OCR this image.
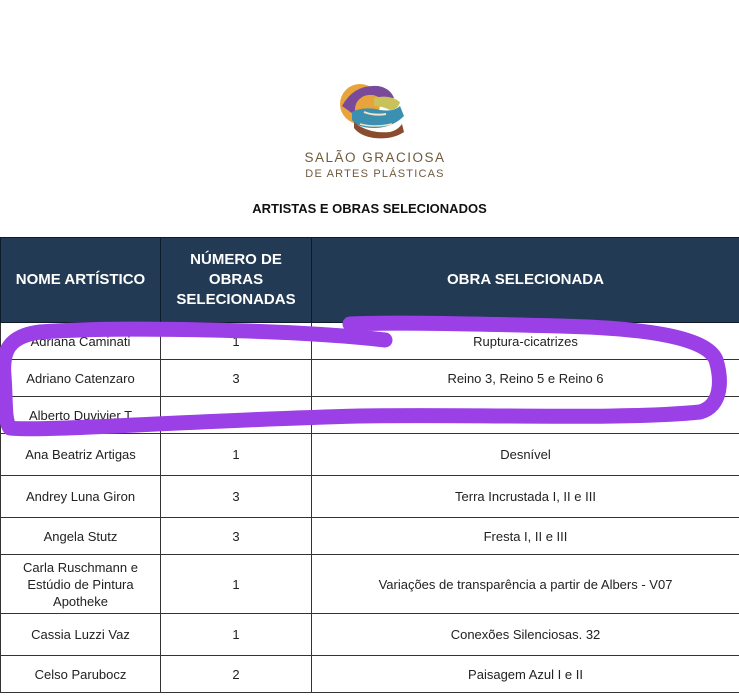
SALÃO GRACIOSA
DE ARTES PLÁSTICAS
ARTISTAS E OBRAS SELECIONADOS
NOME ARTÍSTICO	NÚMERO DE OBRAS SELECIONADAS	OBRA SELECIONADA
Adriana Caminati	1	Ruptura-cicatrizes
Adriano Catenzaro	3	Reino 3, Reino 5 e Reino 6
Alberto Duvivier T		
Ana Beatriz Artigas	1	Desnível
Andrey Luna Giron	3	Terra Incrustada I, II e III
Angela Stutz	3	Fresta I, II e III
Carla Ruschmann e Estúdio de Pintura Apotheke	1	Variações de transparência a partir de Albers - V07
Cassia Luzzi Vaz	1	Conexões Silenciosas. 32
Celso Parubocz	2	Paisagem Azul I e II
